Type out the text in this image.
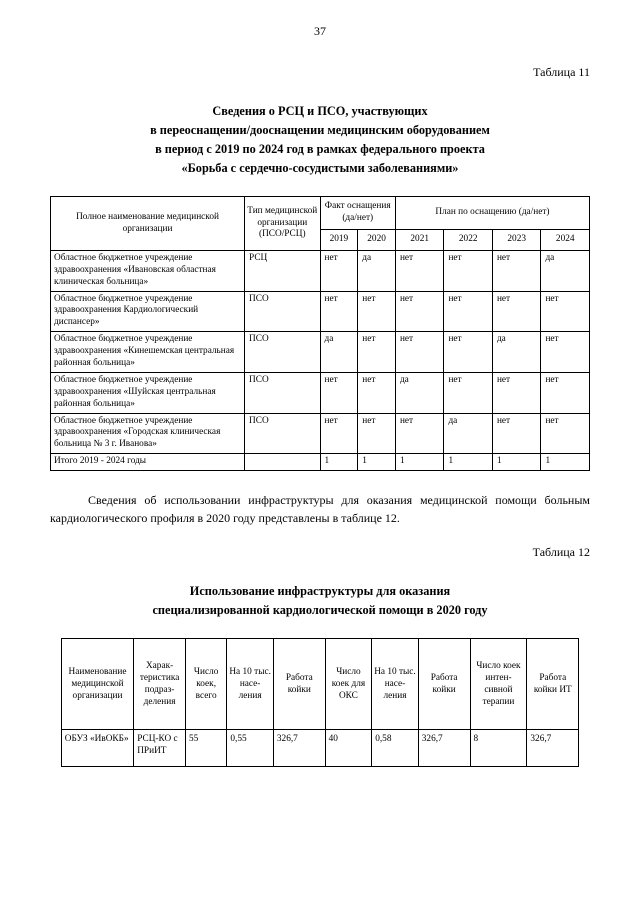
37
Таблица 11
Сведения о РСЦ и ПСО, участвующих
в переоснащении/дооснащении медицинским оборудованием
в период с 2019 по 2024 год в рамках федерального проекта
«Борьба с сердечно-сосудистыми заболеваниями»
Полное наименование медицинской организации	Тип медицинской организации (ПСО/РСЦ)	Факт оснащения (да/нет)		План по оснащению (да/нет)			
		2019	2020	2021	2022	2023	2024
Областное бюджетное учреждение здравоохранения «Ивановская областная клиническая больница»	РСЦ	нет	да	нет	нет	нет	да
Областное бюджетное учреждение здравоохранения Кардиологический диспансер»	ПСО	нет	нет	нет	нет	нет	нет
Областное бюджетное учреждение здравоохранения «Кинешемская центральная районная больница»	ПСО	да	нет	нет	нет	да	нет
Областное бюджетное учреждение здравоохранения «Шуйская центральная районная больница»	ПСО	нет	нет	да	нет	нет	нет
Областное бюджетное учреждение здравоохранения «Городская клиническая больница № 3 г. Иванова»	ПСО	нет	нет	нет	да	нет	нет
Итого 2019 - 2024 годы		1	1	1	1	1	1
Сведения об использовании инфраструктуры для оказания медицинской помощи больным кардиологического профиля в 2020 году представлены в таблице 12.
Таблица 12
Использование инфраструктуры для оказания
специализированной кардиологической помощи в 2020 году
Наименование медицинской организации	Харак-теристика подраз-деления	Число коек, всего	На 10 тыс. насе-ления	Работа койки	Число коек для ОКС	На 10 тыс. насе-ления	Работа койки	Число коек интен-сивной терапии	Работа койки ИТ
ОБУЗ «ИвОКБ»	РСЦ-КО с ПРиИТ	55	0,55	326,7	40	0,58	326,7	8	326,7
